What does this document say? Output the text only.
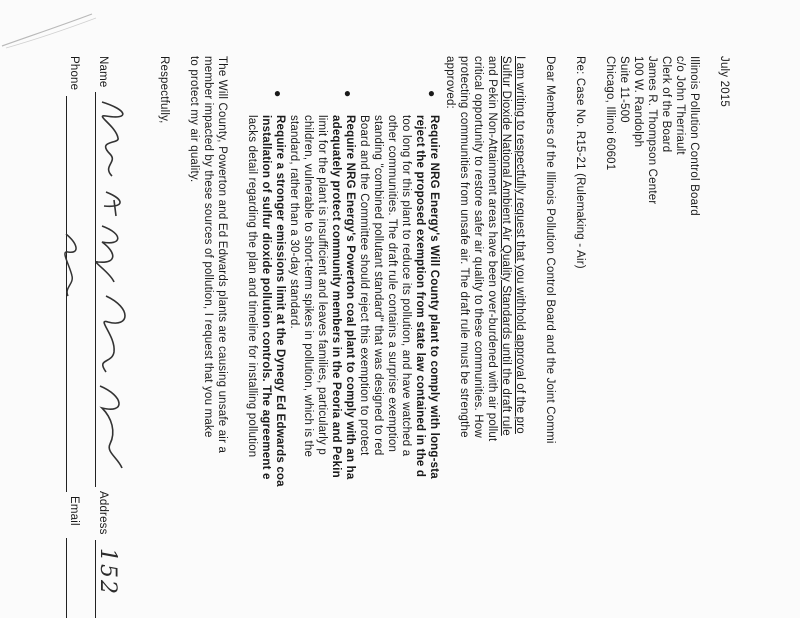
July 2015
Illinois Pollution Control Board
c/o John Therriault
Clerk of the Board
James R. Thompson Center
100 W. Randolph
Suite 11-500
Chicago, Illinoi 60601
Re: Case No. R15-21 (Rulemaking - Air)
Dear Members of the Illinois Pollution Control Board and the Joint Commi
I am writing to respectfully request that you withhold approval of the pro
Sulfur Dioxide National Ambient Air Quality Standards until the draft rule
and Pekin Non-Attainment areas have been over-burdened with air pollut
critical opportunity to restore safer air quality to these communities. How
protecting communities from unsafe air. The draft rule must be strengthe
approved:
●
Require NRG Energy's Will County plant to comply with long-sta
reject the proposed exemption from state law contained in the d
too long for this plant to reduce its pollution, and have watched a
other communities. The draft rule contains a surprise exemption
standing "combined pollutant standard" that was designed to red
Board and the Committee should reject this exemption to protect
●
Require NRG Energy's Powerton coal plant to comply with an ha
adequately protect community members in the Peoria and Pekin
limit for the plant is insufficient and leaves families, particularly p
children, vulnerable to short-term spikes in pollution, which is the
standard, rather than a 30-day standard.
●
Require a stronger emissions limit at the Dynegy Ed Edwards coa
installation of sulfur dioxide pollution controls. The agreement e
lacks detail regarding the plan and timeline for installing pollution
The Will County, Powerton and Ed Edwards plants are causing unsafe air a
member impacted by these sources of pollution, I request that you make
to protect my air quality.
Respectfully,
Name
Address
152
Phone
Email
